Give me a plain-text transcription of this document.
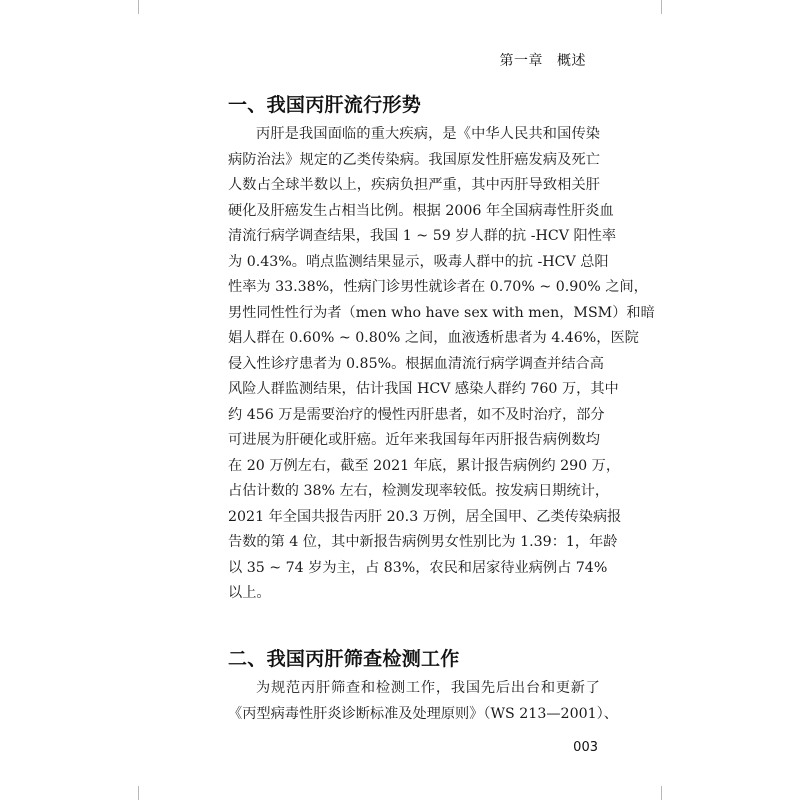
第一章 概述
一、我国丙肝流行形势
丙肝是我国面临的重大疾病，是《中华人民共和国传染
病防治法》规定的乙类传染病。我国原发性肝癌发病及死亡
人数占全球半数以上，疾病负担严重，其中丙肝导致相关肝
硬化及肝癌发生占相当比例。根据 2006 年全国病毒性肝炎血
清流行病学调查结果，我国 1 ~ 59 岁人群的抗 -HCV 阳性率
为 0.43%。哨点监测结果显示，吸毒人群中的抗 -HCV 总阳
性率为 33.38%，性病门诊男性就诊者在 0.70% ~ 0.90% 之间，
男性同性性行为者（men who have sex with men，MSM）和暗
娼人群在 0.60% ~ 0.80% 之间，血液透析患者为 4.46%，医院
侵入性诊疗患者为 0.85%。根据血清流行病学调查并结合高
风险人群监测结果，估计我国 HCV 感染人群约 760 万，其中
约 456 万是需要治疗的慢性丙肝患者，如不及时治疗，部分
可进展为肝硬化或肝癌。近年来我国每年丙肝报告病例数均
在 20 万例左右，截至 2021 年底，累计报告病例约 290 万，
占估计数的 38% 左右，检测发现率较低。按发病日期统计，
2021 年全国共报告丙肝 20.3 万例，居全国甲、乙类传染病报
告数的第 4 位，其中新报告病例男女性别比为 1.39：1，年龄
以 35 ~ 74 岁为主，占 83%，农民和居家待业病例占 74%
以上。
二、我国丙肝筛查检测工作
为规范丙肝筛查和检测工作，我国先后出台和更新了
《丙型病毒性肝炎诊断标准及处理原则》（WS 213—2001）、
003
